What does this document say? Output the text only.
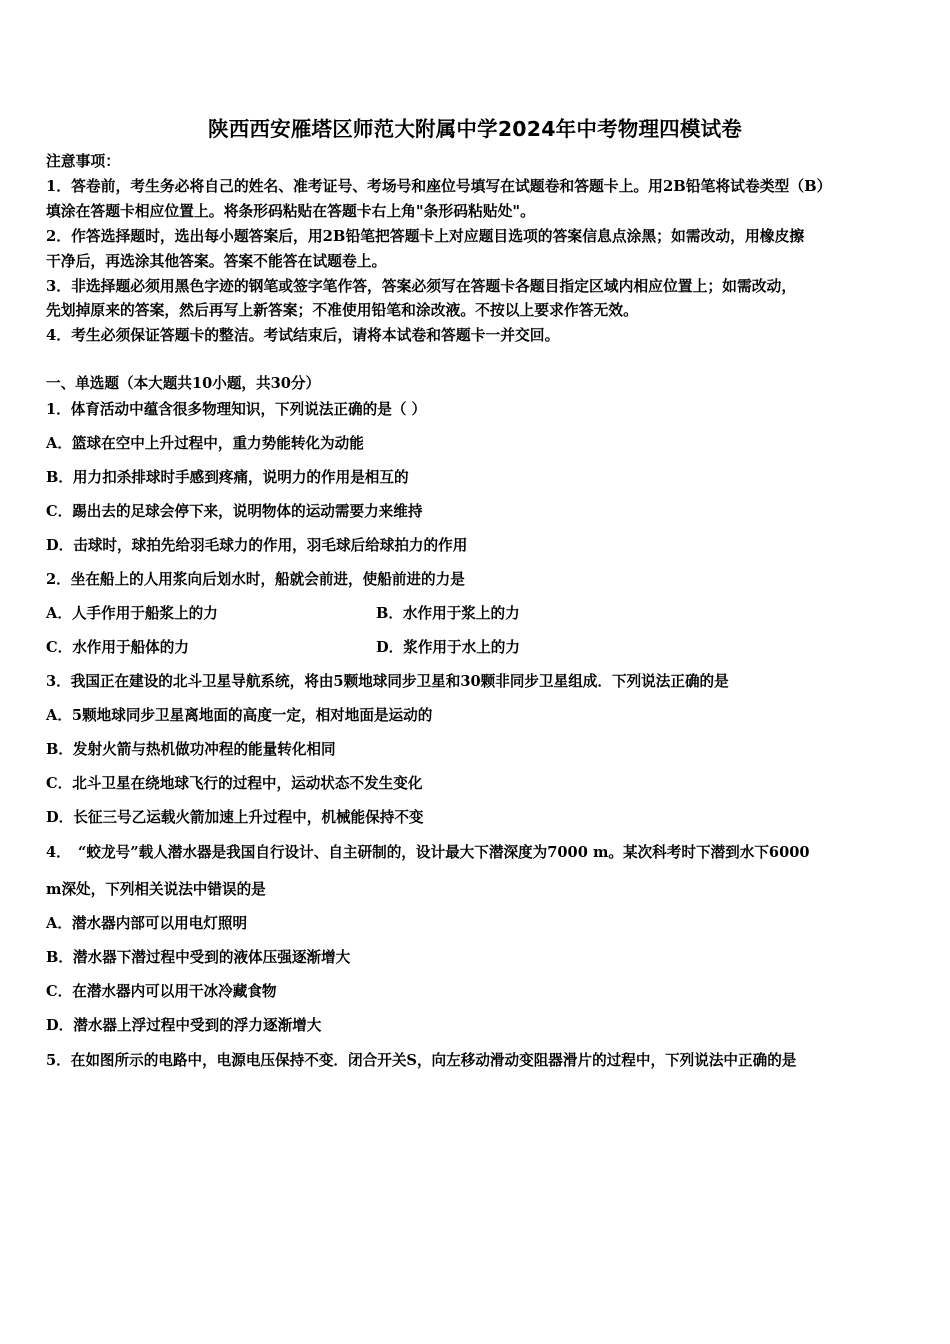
陕西西安雁塔区师范大附属中学2024年中考物理四模试卷
注意事项：
1．答卷前，考生务必将自己的姓名、准考证号、考场号和座位号填写在试题卷和答题卡上。用2B铅笔将试卷类型（B）
填涂在答题卡相应位置上。将条形码粘贴在答题卡右上角"条形码粘贴处"。
2．作答选择题时，选出每小题答案后，用2B铅笔把答题卡上对应题目选项的答案信息点涂黑；如需改动，用橡皮擦
干净后，再选涂其他答案。答案不能答在试题卷上。
3．非选择题必须用黑色字迹的钢笔或签字笔作答，答案必须写在答题卡各题目指定区域内相应位置上；如需改动，
先划掉原来的答案，然后再写上新答案；不准使用铅笔和涂改液。不按以上要求作答无效。
4．考生必须保证答题卡的整洁。考试结束后，请将本试卷和答题卡一并交回。
一、单选题（本大题共10小题，共30分）
1．体育活动中蕴含很多物理知识，下列说法正确的是（ ）
A．篮球在空中上升过程中，重力势能转化为动能
B．用力扣杀排球时手感到疼痛，说明力的作用是相互的
C．踢出去的足球会停下来，说明物体的运动需要力来维持
D．击球时，球拍先给羽毛球力的作用，羽毛球后给球拍力的作用
2．坐在船上的人用浆向后划水时，船就会前进，使船前进的力是
A．人手作用于船浆上的力	B．水作用于浆上的力
C．水作用于船体的力	D．浆作用于水上的力
3．我国正在建设的北斗卫星导航系统，将由5颗地球同步卫星和30颗非同步卫星组成．下列说法正确的是
A．5颗地球同步卫星离地面的高度一定，相对地面是运动的
B．发射火箭与热机做功冲程的能量转化相同
C．北斗卫星在绕地球飞行的过程中，运动状态不发生变化
D．长征三号乙运载火箭加速上升过程中，机械能保持不变
4．　“蛟龙号”载人潜水器是我国自行设计、自主研制的，设计最大下潜深度为7000 m。某次科考时下潜到水下6000
m深处，下列相关说法中错误的是
A．潜水器内部可以用电灯照明
B．潜水器下潜过程中受到的液体压强逐渐增大
C．在潜水器内可以用干冰冷藏食物
D．潜水器上浮过程中受到的浮力逐渐增大
5．在如图所示的电路中，电源电压保持不变．闭合开关S，向左移动滑动变阻器滑片的过程中，下列说法中正确的是
